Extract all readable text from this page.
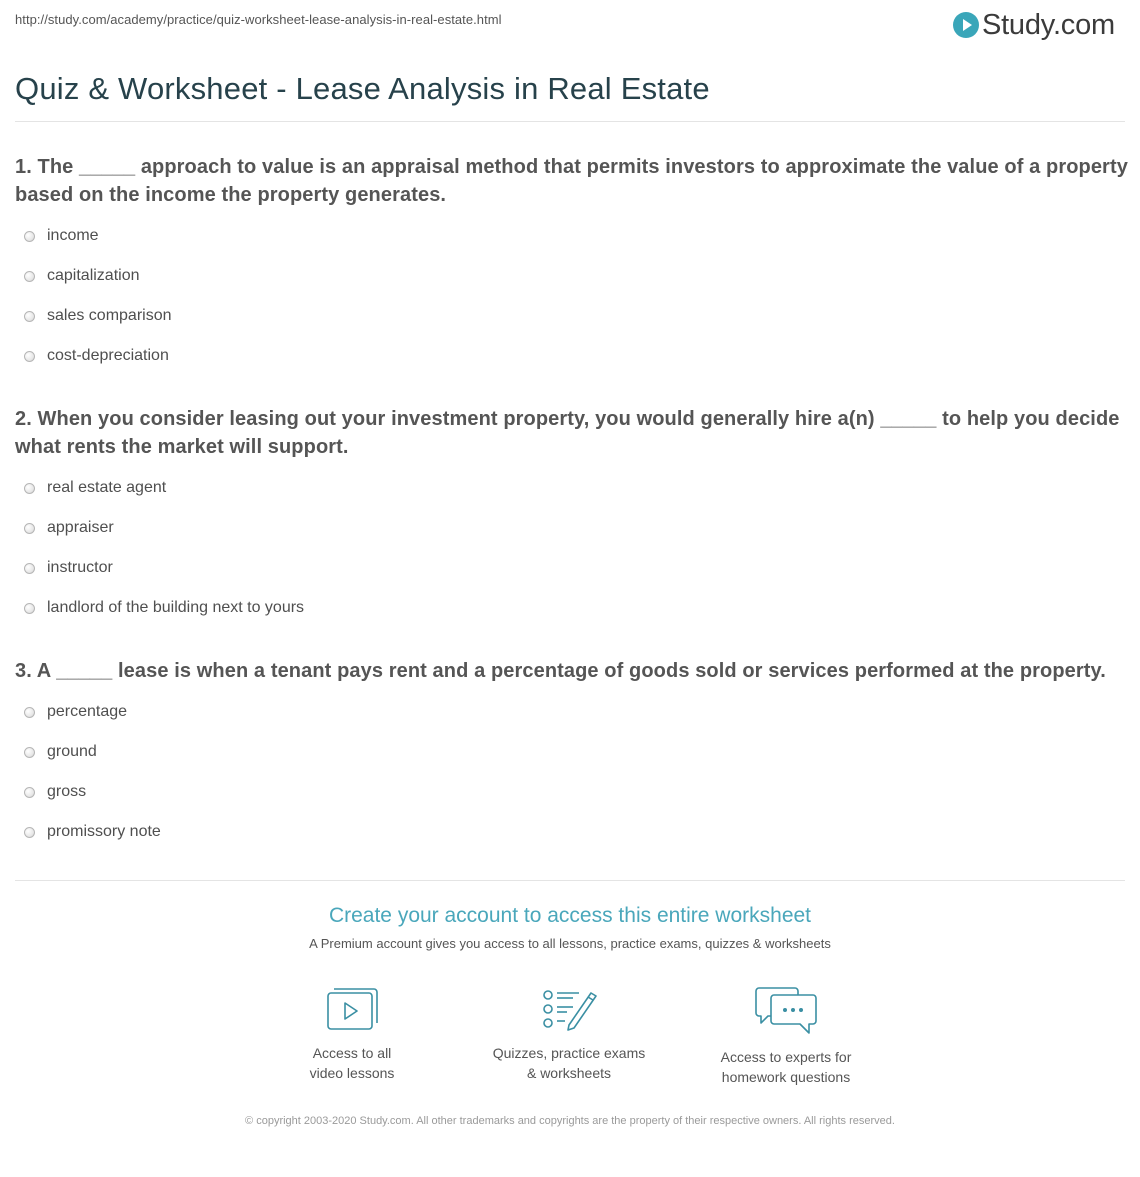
http://study.com/academy/practice/quiz-worksheet-lease-analysis-in-real-estate.html	Study.com
Quiz & Worksheet - Lease Analysis in Real Estate

1. The _____ approach to value is an appraisal method that permits investors to approximate the value of a property based on the income the property generates.

income
capitalization
sales comparison
cost-depreciation

2. When you consider leasing out your investment property, you would generally hire a(n) _____ to help you decide what rents the market will support.

real estate agent
appraiser
instructor
landlord of the building next to yours

3. A _____ lease is when a tenant pays rent and a percentage of goods sold or services performed at the property.

percentage
ground
gross
promissory note
Create your account to access this entire worksheet

A Premium account gives you access to all lessons, practice exams, quizzes & worksheets

Access to all
video lessons
Quizzes, practice exams
& worksheets
Access to experts for
homework questions
© copyright 2003-2020 Study.com. All other trademarks and copyrights are the property of their respective owners. All rights reserved.
